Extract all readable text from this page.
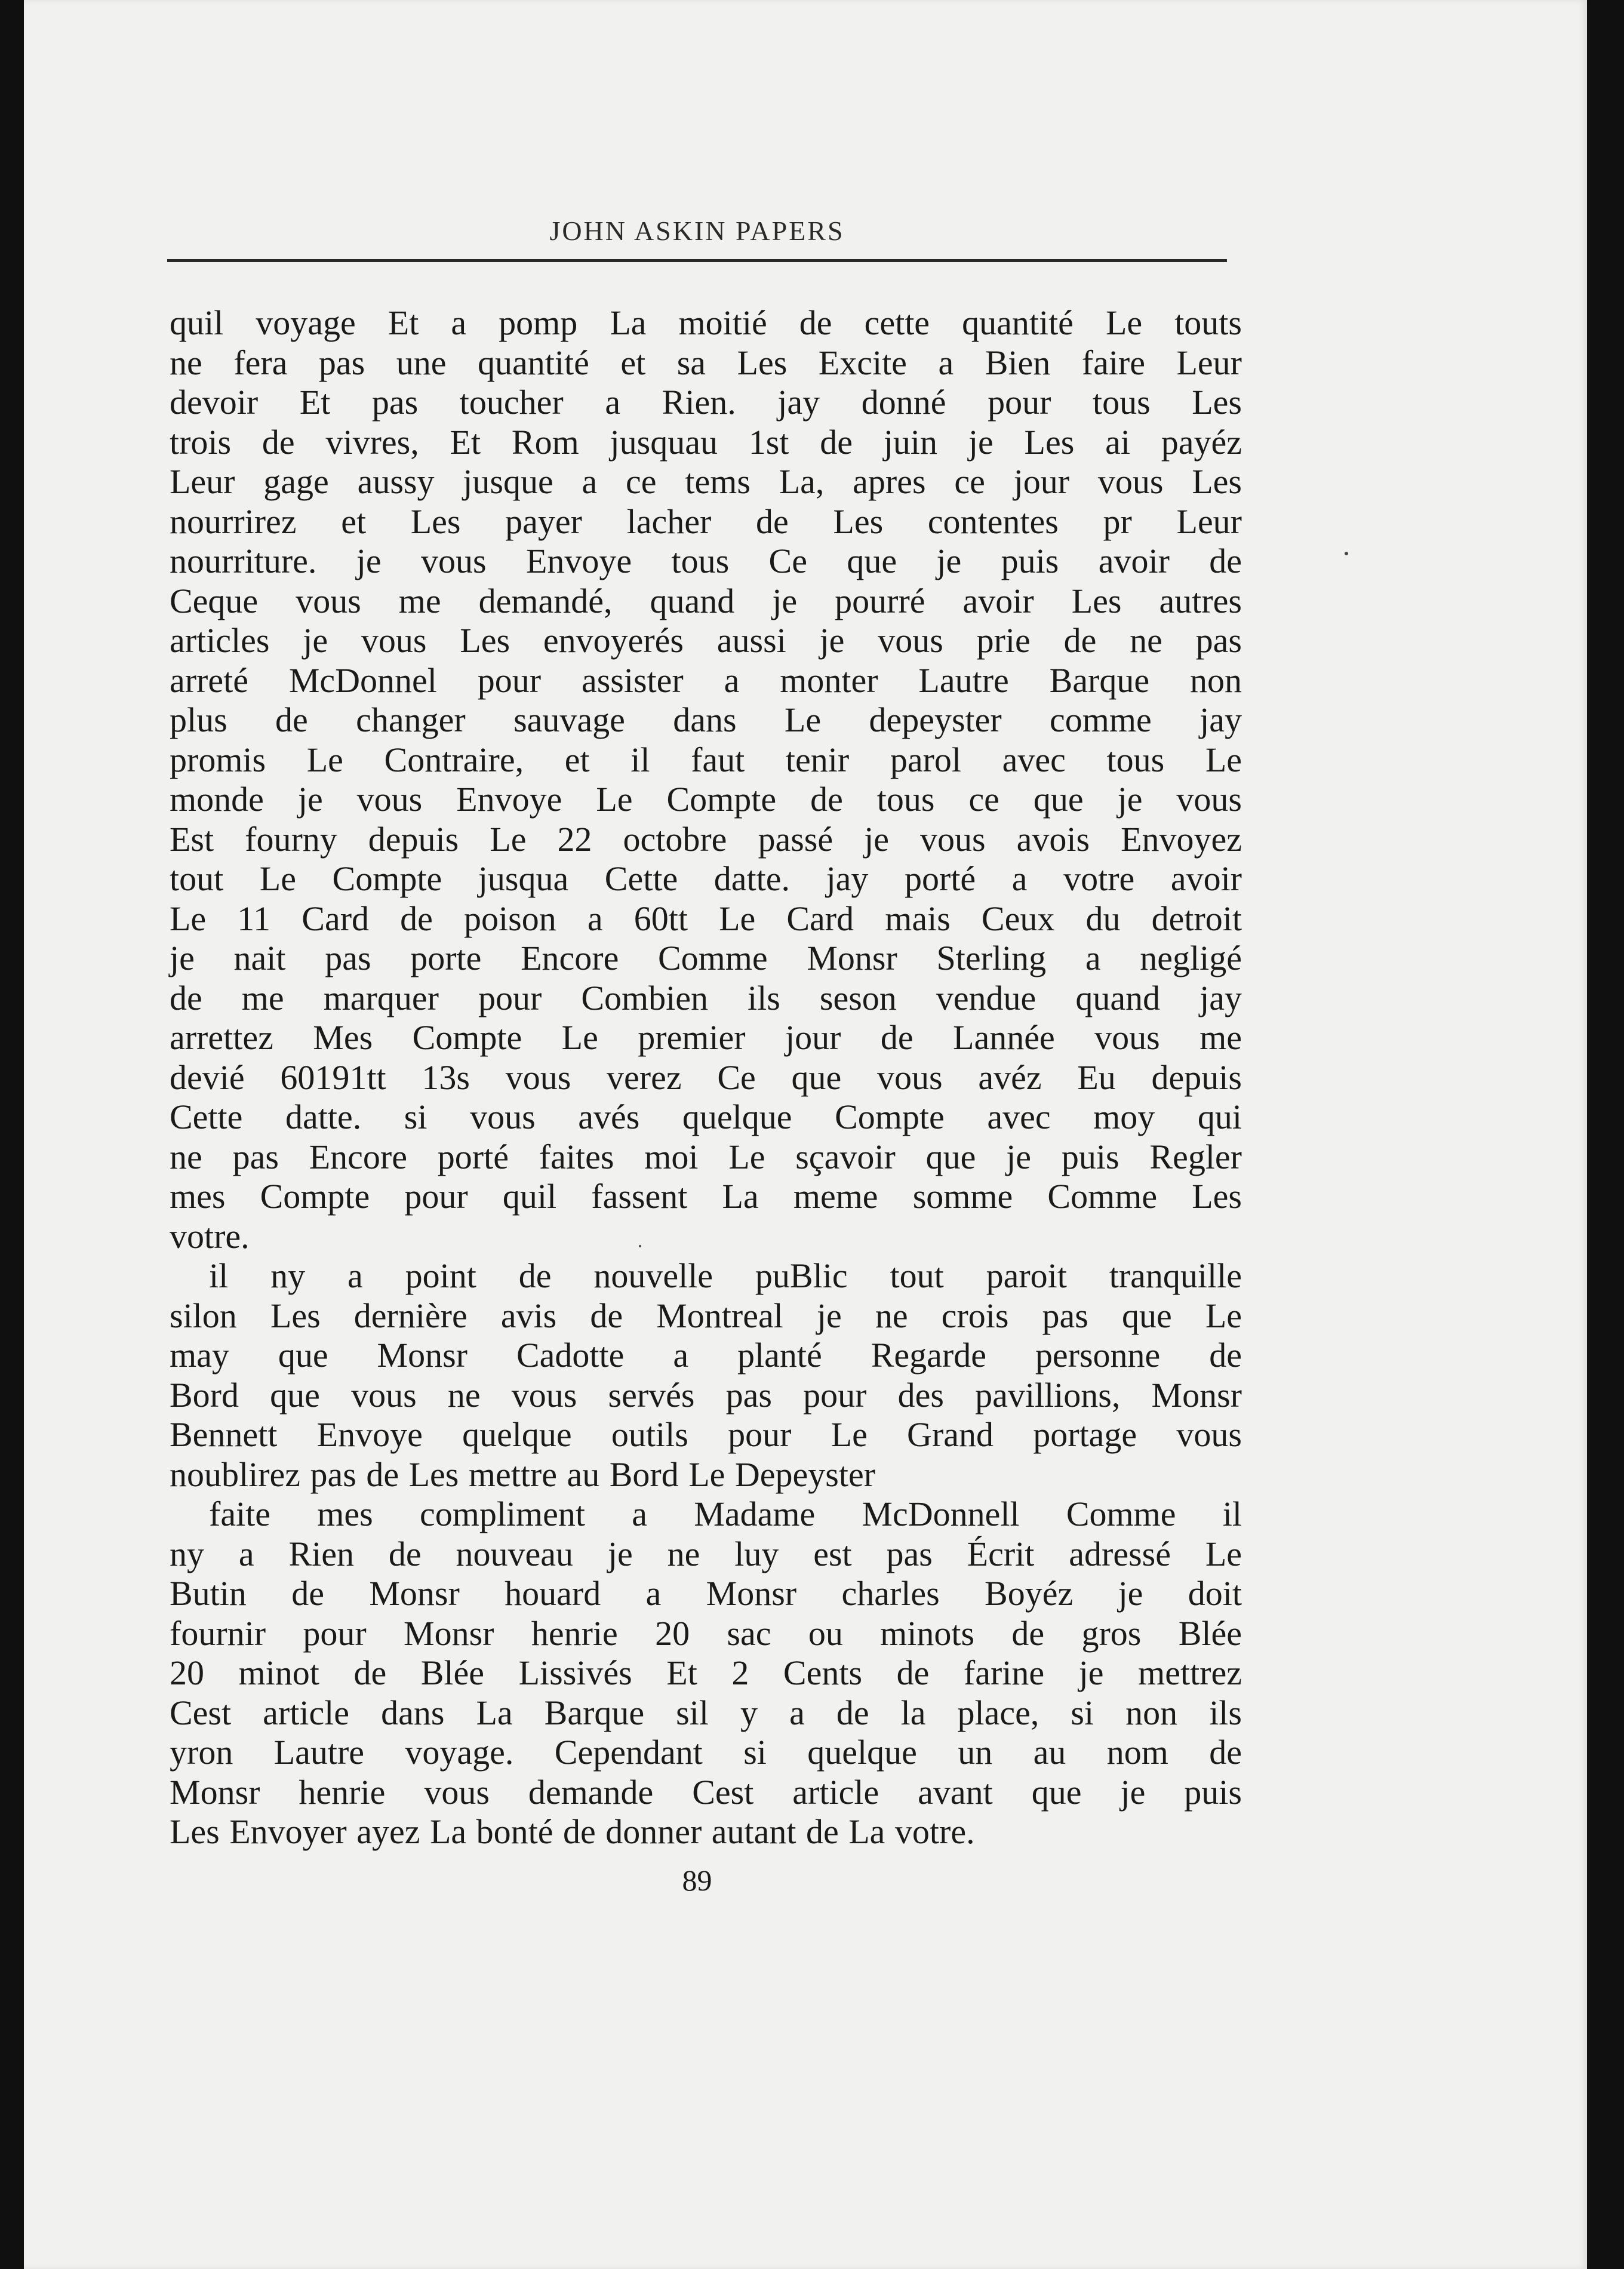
JOHN ASKIN PAPERS
quil voyage Et a pomp La moitié de cette quantité Le touts
ne fera pas une quantité et sa Les Excite a Bien faire Leur
devoir Et pas toucher a Rien. jay donné pour tous Les
trois de vivres, Et Rom jusquau 1st de juin je Les ai payéz
Leur gage aussy jusque a ce tems La, apres ce jour vous Les
nourrirez et Les payer lacher de Les contentes pr Leur
nourriture. je vous Envoye tous Ce que je puis avoir de
Ceque vous me demandé, quand je pourré avoir Les autres
articles je vous Les envoyerés aussi je vous prie de ne pas
arreté McDonnel pour assister a monter Lautre Barque non
plus de changer sauvage dans Le depeyster comme jay
promis Le Contraire, et il faut tenir parol avec tous Le
monde je vous Envoye Le Compte de tous ce que je vous
Est fourny depuis Le 22 octobre passé je vous avois Envoyez
tout Le Compte jusqua Cette datte. jay porté a votre avoir
Le 11 Card de poison a 60tt Le Card mais Ceux du detroit
je nait pas porte Encore Comme Monsr Sterling a negligé
de me marquer pour Combien ils seson vendue quand jay
arrettez Mes Compte Le premier jour de Lannée vous me
devié 60191tt 13s vous verez Ce que vous avéz Eu depuis
Cette datte. si vous avés quelque Compte avec moy qui
ne pas Encore porté faites moi Le sçavoir que je puis Regler
mes Compte pour quil fassent La meme somme Comme Les
votre.
il ny a point de nouvelle puBlic tout paroit tranquille
silon Les dernière avis de Montreal je ne crois pas que Le
may que Monsr Cadotte a planté Regarde personne de
Bord que vous ne vous servés pas pour des pavillions, Monsr
Bennett Envoye quelque outils pour Le Grand portage vous
noublirez pas de Les mettre au Bord Le Depeyster
faite mes compliment a Madame McDonnell Comme il
ny a Rien de nouveau je ne luy est pas Écrit adressé Le
Butin de Monsr houard a Monsr charles Boyéz je doit
fournir pour Monsr henrie 20 sac ou minots de gros Blée
20 minot de Blée Lissivés Et 2 Cents de farine je mettrez
Cest article dans La Barque sil y a de la place, si non ils
yron Lautre voyage. Cependant si quelque un au nom de
Monsr henrie vous demande Cest article avant que je puis
Les Envoyer ayez La bonté de donner autant de La votre.
89
